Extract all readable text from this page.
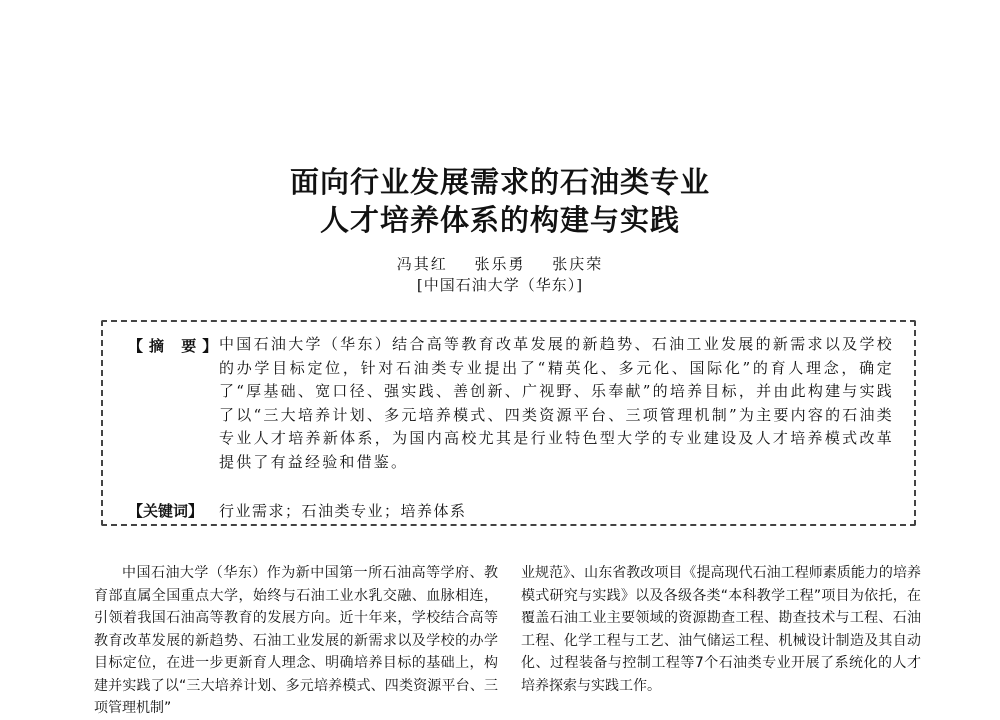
面向行业发展需求的石油类专业
人才培养体系的构建与实践
冯其红 张乐勇 张庆荣
[中国石油大学（华东）]
【摘 要】
中国石油大学（华东）结合高等教育改革发展的新趋势、石油工业发展的新需求以及学校的办学目标定位，针对石油类专业提出了“精英化、多元化、国际化”的育人理念，确定了“厚基础、宽口径、强实践、善创新、广视野、乐奉献”的培养目标，并由此构建与实践了以“三大培养计划、多元培养模式、四类资源平台、三项管理机制”为主要内容的石油类专业人才培养新体系，为国内高校尤其是行业特色型大学的专业建设及人才培养模式改革提供了有益经验和借鉴。
【关键词】 行业需求；石油类专业；培养体系
中国石油大学（华东）作为新中国第一所石油高等学府、教育部直属全国重点大学，始终与石油工业水乳交融、血脉相连，引领着我国石油高等教育的发展方向。近十年来，学校结合高等教育改革发展的新趋势、石油工业发展的新需求以及学校的办学目标定位，在进一步更新育人理念、明确培养目标的基础上，构建并实践了以“三大培养计划、多元培养模式、四类资源平台、三项管理机制”
业规范》、山东省教改项目《提高现代石油工程师素质能力的培养模式研究与实践》以及各级各类“本科教学工程”项目为依托，在覆盖石油工业主要领域的资源勘查工程、勘查技术与工程、石油工程、化学工程与工艺、油气储运工程、机械设计制造及其自动化、过程装备与控制工程等7个石油类专业开展了系统化的人才培养探索与实践工作。
